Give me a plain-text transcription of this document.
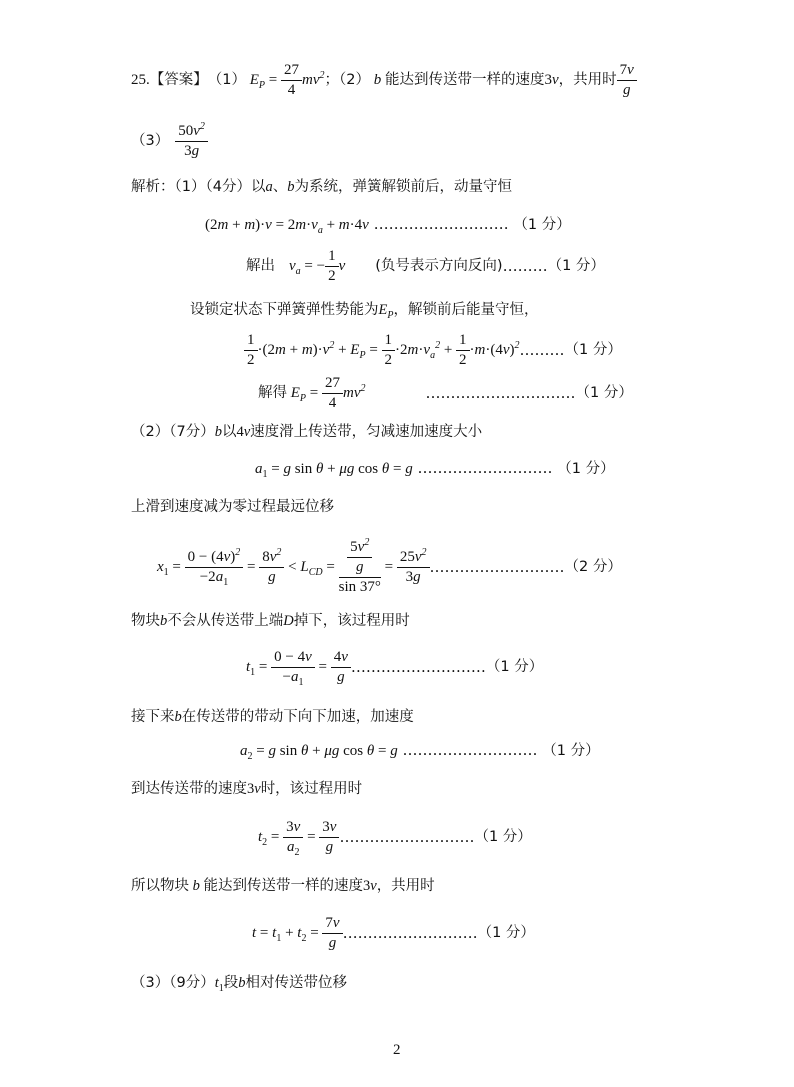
25. 【答案】 （1） $E_P = \frac{27}{4} mv^2$ ；（2） b 能达到传送带一样的速度 3v ，共用时 $\frac{7v}{g}$
$(3) \frac{50v^2}{3g}$
解析：（1）（4分）以a、b为系统，弹簧解锁前后，动量守恒
$(2m + m)\cdot v = 2m\cdot v_a + m\cdot 4v$ ……………………… （1 分）
解出 $v_a$ = − $\frac{1}{2}$ v (负号表示方向反向) ……… （1 分）
设锁定状态下弹簧弹性势能为$E_P$，解锁前后能量守恒，
$\frac{1}{2} \cdot(2m + m)\cdot v^2 + E_P = \frac{1}{2} \cdot 2m\cdot v_a^2 + \frac{1}{2} \cdot m\cdot(4v)^2$ ……… （1 分）
解得 $E_P = \frac{27}{4} mv^2$	………………………… （1 分）
（2）（7分）b以4v速度滑上传送带，匀减速加速度大小
$a_1 = g$ sin θ + μg cos θ = g ……………………… （1 分）
上滑到速度减为零过程最远位移
$x_1 = \frac{0 - (4v)^2}{-2a_1} = \frac{8v^2}{g} < L_{CD} = \frac{\frac{5v^2}{g}}{\sin 37^\circ} = \frac{25v^2}{3g}$ ……………………… （2 分）
物块b不会从传送带上端D掉下，该过程用时
$t_1 = \frac{0 - 4v}{-a_1} = \frac{4v}{g}$ ……………………… （1 分）
接下来b在传送带的带动下向下加速，加速度
$a_2 = g$ sin θ + μg cos θ = g ……………………… （1 分）
到达传送带的速度3v时，该过程用时
$t_2 = \frac{3v}{a_2} = \frac{3v}{g}$ ……………………… （1 分）
所以物块 b 能达到传送带一样的速度3v，共用时
$t = t_1 + t_2 = \frac{7v}{g}$ ……………………… （1 分）
（3）（9分）$t_1$段b相对传送带位移
2
